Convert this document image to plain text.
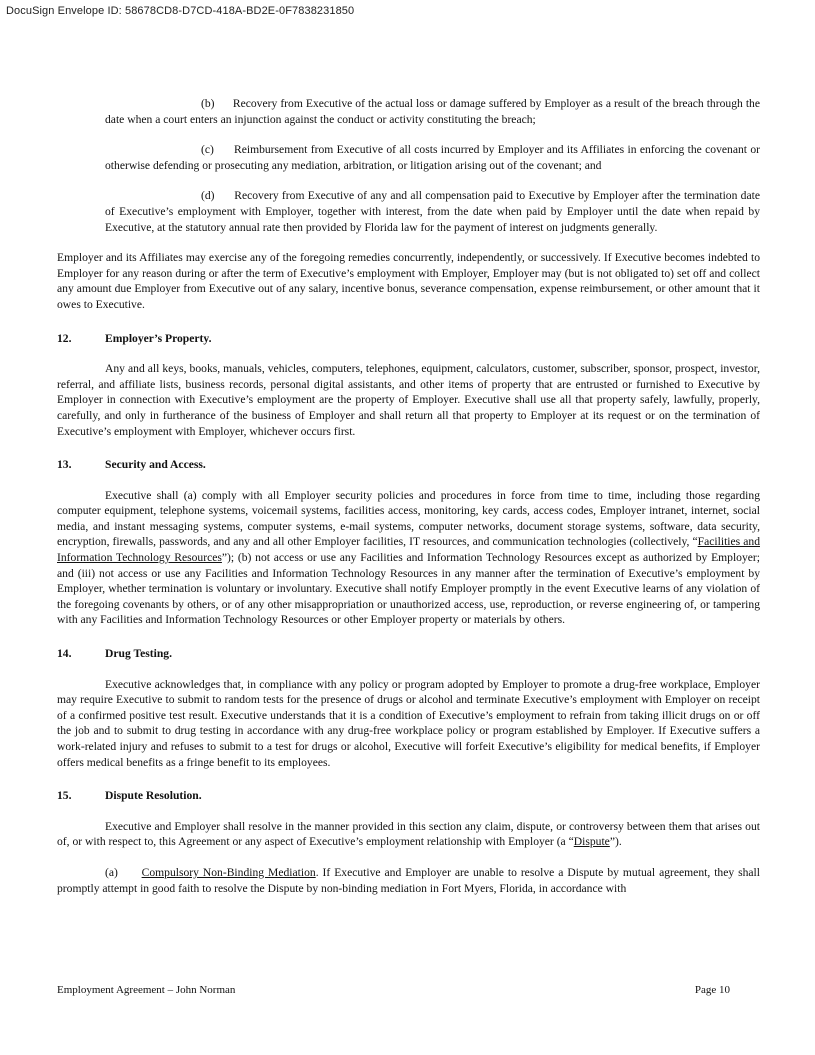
DocuSign Envelope ID: 58678CD8-D7CD-418A-BD2E-0F7838231850

(b)      Recovery from Executive of the actual loss or damage suffered by Employer as a result of the breach through the date when a court enters an injunction against the conduct or activity constituting the breach;

(c)      Reimbursement from Executive of all costs incurred by Employer and its Affiliates in enforcing the covenant or otherwise defending or prosecuting any mediation, arbitration, or litigation arising out of the covenant; and

(d)      Recovery from Executive of any and all compensation paid to Executive by Employer after the termination date of Executive’s employment with Employer, together with interest, from the date when paid by Employer until the date when repaid by Executive, at the statutory annual rate then provided by Florida law for the payment of interest on judgments generally.

Employer and its Affiliates may exercise any of the foregoing remedies concurrently, independently, or successively. If Executive becomes indebted to Employer for any reason during or after the term of Executive’s employment with Employer, Employer may (but is not obligated to) set off and collect any amount due Employer from Executive out of any salary, incentive bonus, severance compensation, expense reimbursement, or other amount that it owes to Executive.

12.	Employer’s Property.

Any and all keys, books, manuals, vehicles, computers, telephones, equipment, calculators, customer, subscriber, sponsor, prospect, investor, referral, and affiliate lists, business records, personal digital assistants, and other items of property that are entrusted or furnished to Executive by Employer in connection with Executive’s employment are the property of Employer. Executive shall use all that property safely, lawfully, properly, carefully, and only in furtherance of the business of Employer and shall return all that property to Employer at its request or on the termination of Executive’s employment with Employer, whichever occurs first.

13.	Security and Access.

Executive shall (a) comply with all Employer security policies and procedures in force from time to time, including those regarding computer equipment, telephone systems, voicemail systems, facilities access, monitoring, key cards, access codes, Employer intranet, internet, social media, and instant messaging systems, computer systems, e-mail systems, computer networks, document storage systems, software, data security, encryption, firewalls, passwords, and any and all other Employer facilities, IT resources, and communication technologies (collectively, “Facilities and Information Technology Resources”); (b) not access or use any Facilities and Information Technology Resources except as authorized by Employer; and (iii) not access or use any Facilities and Information Technology Resources in any manner after the termination of Executive’s employment by Employer, whether termination is voluntary or involuntary. Executive shall notify Employer promptly in the event Executive learns of any violation of the foregoing covenants by others, or of any other misappropriation or unauthorized access, use, reproduction, or reverse engineering of, or tampering with any Facilities and Information Technology Resources or other Employer property or materials by others.

14.	Drug Testing.

Executive acknowledges that, in compliance with any policy or program adopted by Employer to promote a drug-free workplace, Employer may require Executive to submit to random tests for the presence of drugs or alcohol and terminate Executive’s employment with Employer on receipt of a confirmed positive test result. Executive understands that it is a condition of Executive’s employment to refrain from taking illicit drugs on or off the job and to submit to drug testing in accordance with any drug-free workplace policy or program established by Employer. If Executive suffers a work-related injury and refuses to submit to a test for drugs or alcohol, Executive will forfeit Executive’s eligibility for medical benefits, if Employer offers medical benefits as a fringe benefit to its employees.

15.	Dispute Resolution.

Executive and Employer shall resolve in the manner provided in this section any claim, dispute, or controversy between them that arises out of, or with respect to, this Agreement or any aspect of Executive’s employment relationship with Employer (a “Dispute”).

(a) Compulsory Non-Binding Mediation. If Executive and Employer are unable to resolve a Dispute by mutual agreement, they shall promptly attempt in good faith to resolve the Dispute by non-binding mediation in Fort Myers, Florida, in accordance with

Employment Agreement – John Norman	Page 10
